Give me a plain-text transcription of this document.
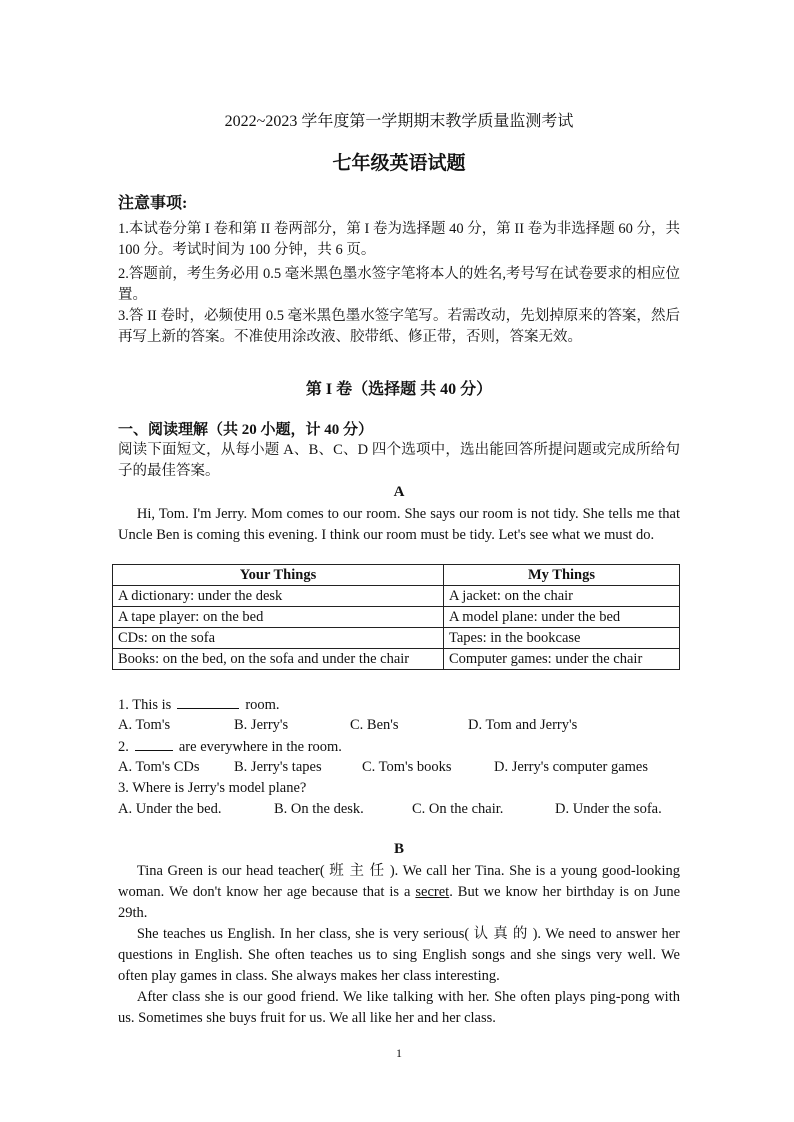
2022~2023 学年度第一学期期末教学质量监测考试

七年级英语试题

注意事项:

1.本试卷分第 I 卷和第 II 卷两部分，第 I 卷为选择题 40 分，第 II 卷为非选择题 60 分，共 100 分。考试时间为 100 分钟，共 6 页。

2.答题前，考生务必用 0.5 毫米黑色墨水签字笔将本人的姓名,考号写在试卷要求的相应位置。

3.答 II 卷时，必频使用 0.5 毫米黑色墨水签字笔写。若需改动，先划掉原来的答案，然后再写上新的答案。不准使用涂改液、胶带纸、修正带，否则，答案无效。

第 I 卷（选择题 共 40 分）

一、阅读理解（共 20 小题，计 40 分）

阅读下面短文，从每小题 A、B、C、D 四个选项中，选出能回答所提问题或完成所给句子的最佳答案。

A

Hi, Tom. I'm Jerry. Mom comes to our room. She says our room is not tidy. She tells me that Uncle Ben is coming this evening. I think our room must be tidy. Let's see what we must do.

Your Things	My Things
A dictionary: under the desk	A jacket: on the chair
A tape player: on the bed	A model plane: under the bed
CDs: on the sofa	Tapes: in the bookcase
Books: on the bed, on the sofa and under the chair	Computer games: under the chair

1. This is	room.

A. Tom's	B. Jerry's	C. Ben's	D. Tom and Jerry's

2.	are everywhere in the room.

A. Tom's CDs B. Jerry's tapes	C. Tom's books	D. Jerry's computer games

3. Where is Jerry's model plane?

A. Under the bed.	B. On the desk.	C. On the chair.	D. Under the sofa.

B

Tina Green is our head teacher( 班 主 任 ). We call her Tina. She is a young good-looking woman. We don't know her age because that is a secret. But we know her birthday is on June 29th.

She teaches us English. In her class, she is very serious( 认 真 的 ). We need to answer her questions in English. She often teaches us to sing English songs and she sings very well. We often play games in class. She always makes her class interesting.

After class she is our good friend. We like talking with her. She often plays ping-pong with us. Sometimes she buys fruit for us. We all like her and her class.

1
